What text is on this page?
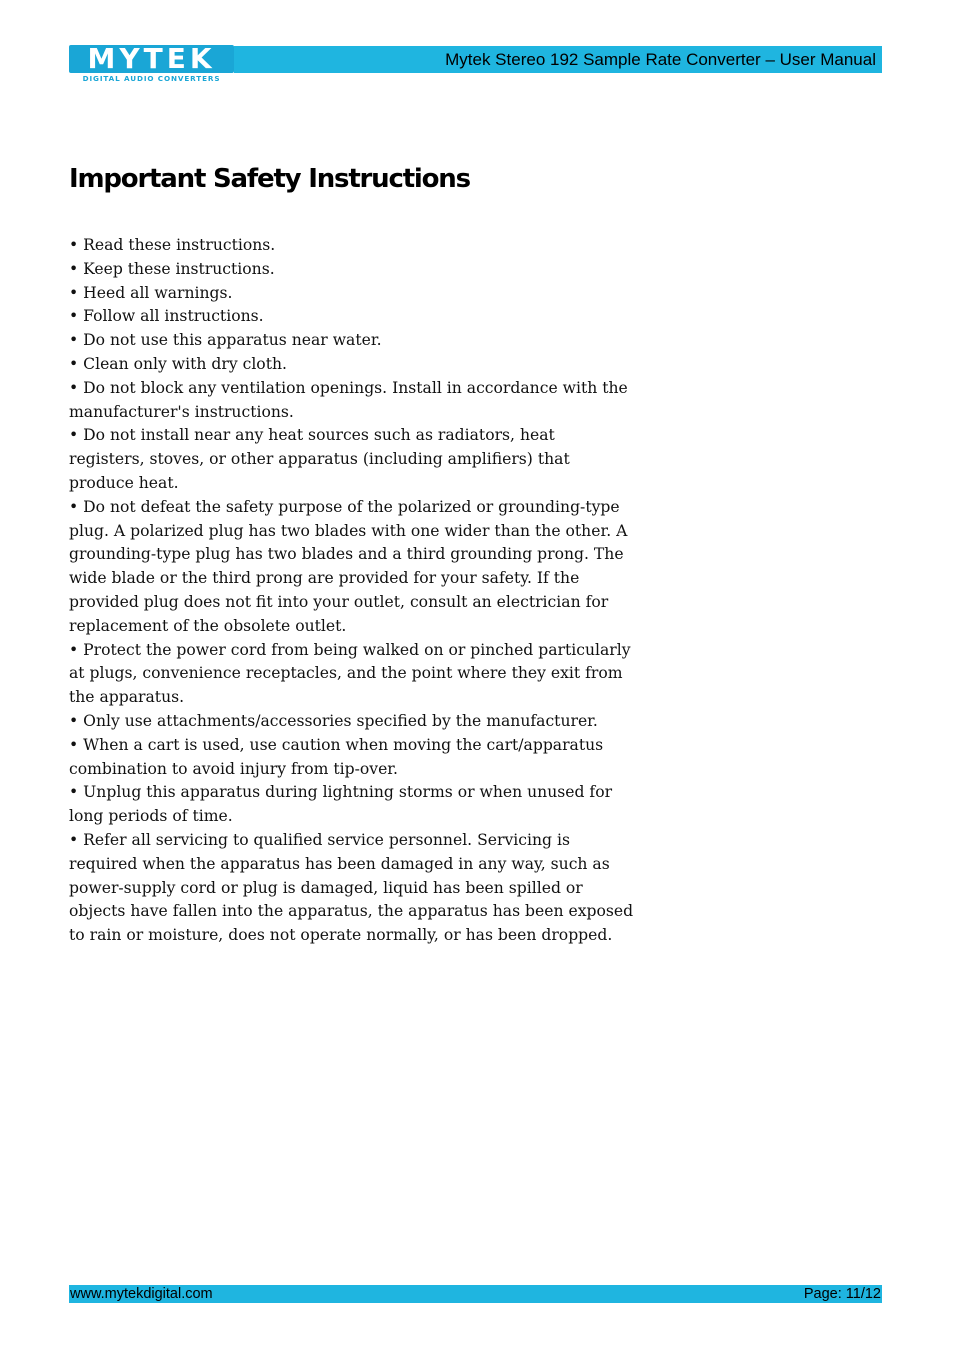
Mytek Stereo 192 Sample Rate Converter – User Manual
MYTEK
DIGITAL AUDIO CONVERTERS
Important Safety Instructions

• Read these instructions.

• Keep these instructions.

• Heed all warnings.

• Follow all instructions.

• Do not use this apparatus near water.

• Clean only with dry cloth.

• Do not block any ventilation openings. Install in accordance with the manufacturer's instructions.

• Do not install near any heat sources such as radiators, heat registers, stoves, or other apparatus (including amplifiers) that produce heat.

• Do not defeat the safety purpose of the polarized or grounding-type plug. A polarized plug has two blades with one wider than the other. A grounding-type plug has two blades and a third grounding prong. The wide blade or the third prong are provided for your safety. If the provided plug does not fit into your outlet, consult an electrician for replacement of the obsolete outlet.

• Protect the power cord from being walked on or pinched particularly at plugs, convenience receptacles, and the point where they exit from the apparatus.

• Only use attachments/accessories specified by the manufacturer.

• When a cart is used, use caution when moving the cart/apparatus combination to avoid injury from tip-over.

• Unplug this apparatus during lightning storms or when unused for long periods of time.

• Refer all servicing to qualified service personnel. Servicing is required when the apparatus has been damaged in any way, such as power-supply cord or plug is damaged, liquid has been spilled or objects have fallen into the apparatus, the apparatus has been exposed to rain or moisture, does not operate normally, or has been dropped.

www.mytekdigital.com	Page: 11/12
